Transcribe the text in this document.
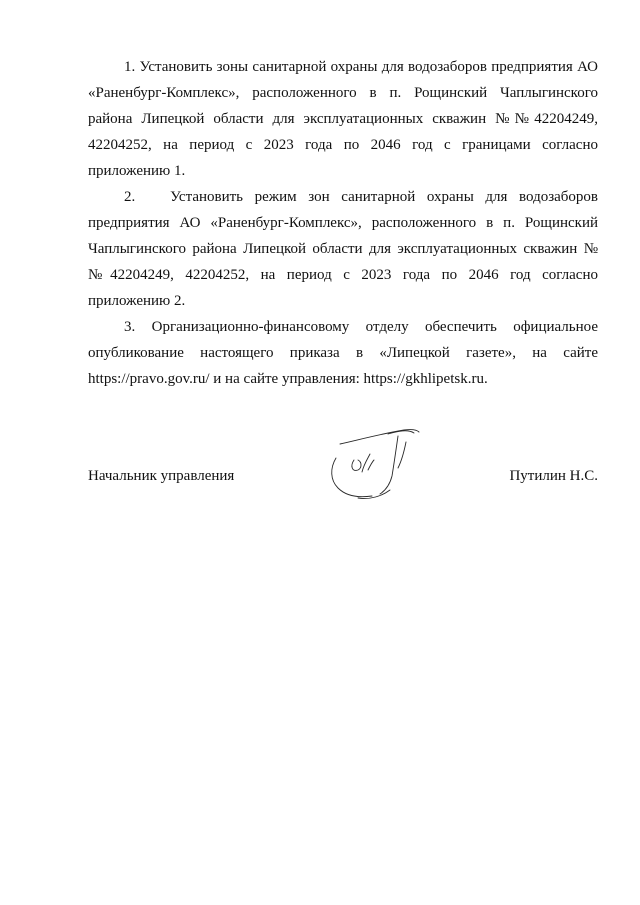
1. Установить зоны санитарной охраны для водозаборов предприятия АО «Раненбург-Комплекс», расположенного в п. Рощинский Чаплыгинского района Липецкой области для эксплуатационных скважин №№42204249, 42204252, на период с 2023 года по 2046 год с границами согласно приложению 1.

2.   Установить режим зон санитарной охраны для водозаборов предприятия АО «Раненбург-Комплекс», расположенного в п. Рощинский Чаплыгинского района Липецкой области для эксплуатационных скважин №№42204249, 42204252, на период с 2023 года по 2046 год согласно приложению 2.

3. Организационно-финансовому отделу обеспечить официальное опубликование настоящего приказа в «Липецкой газете», на сайте https://pravo.gov.ru/ и на сайте управления: https://gkhlipetsk.ru.

Начальник управления	Путилин Н.С.
